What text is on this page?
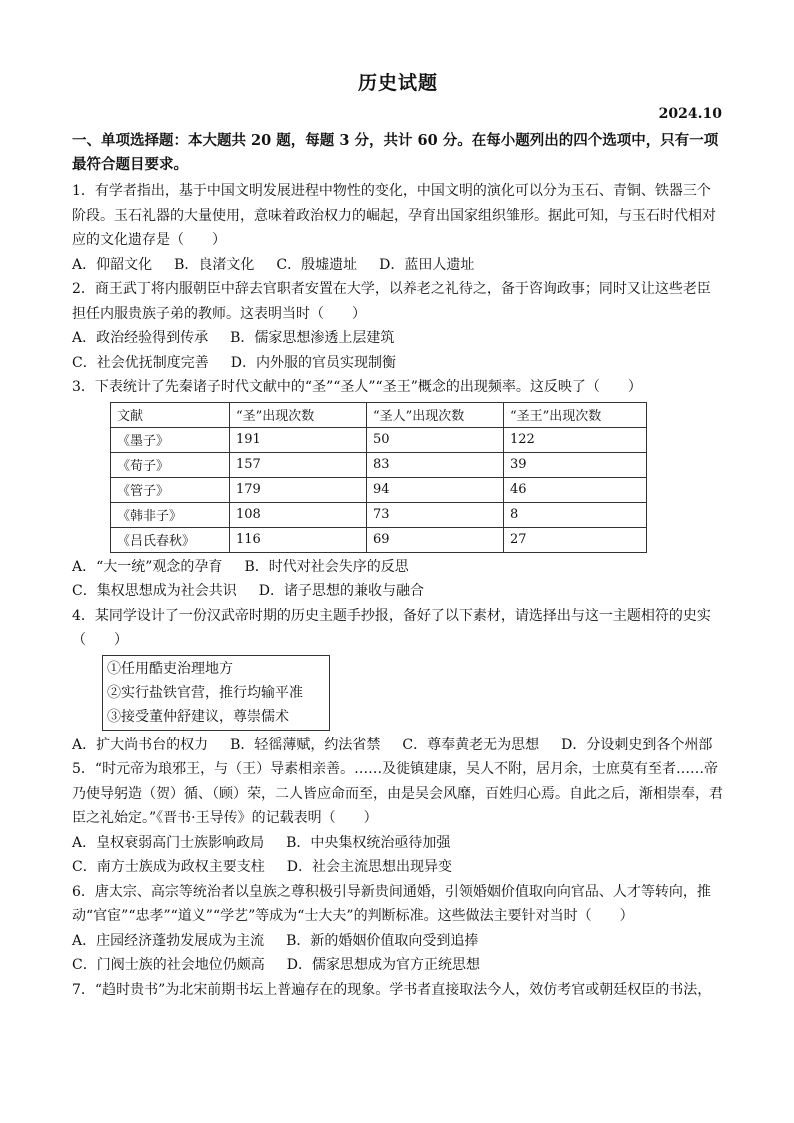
历史试题
2024.10
一、单项选择题：本大题共 20 题，每题 3 分，共计 60 分。在每小题列出的四个选项中，只有一项最符合题目要求。

1．有学者指出，基于中国文明发展进程中物性的变化，中国文明的演化可以分为玉石、青铜、铁器三个阶段。玉石礼器的大量使用，意味着政治权力的崛起，孕育出国家组织雏形。据此可知，与玉石时代相对应的文化遗存是（　　）

A．仰韶文化 B．良渚文化 C．殷墟遗址 D．蓝田人遗址

2．商王武丁将内服朝臣中辞去官职者安置在大学，以养老之礼待之，备于咨询政事；同时又让这些老臣担任内服贵族子弟的教师。这表明当时（　　）

A．政治经验得到传承 B．儒家思想渗透上层建筑
C．社会优抚制度完善 D．内外服的官员实现制衡

3．下表统计了先秦诸子时代文献中的“圣”“圣人”“圣王”概念的出现频率。这反映了（　　）

文献	“圣”出现次数	“圣人”出现次数	“圣王”出现次数
《墨子》	191	50	122
《荀子》	157	83	39
《管子》	179	94	46
《韩非子》	108	73	8
《吕氏春秋》	116	69	27
A．“大一统”观念的孕育 B．时代对社会失序的反思
C．集权思想成为社会共识 D．诸子思想的兼收与融合

4．某同学设计了一份汉武帝时期的历史主题手抄报，备好了以下素材，请选择出与这一主题相符的史实（　　）

①任用酷吏治理地方
②实行盐铁官营，推行均输平准
③接受董仲舒建议，尊崇儒术
A．扩大尚书台的权力 B．轻徭薄赋，约法省禁 C．尊奉黄老无为思想 D．分设刺史到各个州部

5．“时元帝为琅邪王，与（王）导素相亲善。……及徙镇建康，吴人不附，居月余，士庶莫有至者……帝乃使导躬造（贺）循、（顾）荣，二人皆应命而至，由是吴会风靡，百姓归心焉。自此之后，渐相崇奉，君臣之礼始定。”《晋书·王导传》的记载表明（　　）

A．皇权衰弱高门士族影响政局 B．中央集权统治亟待加强
C．南方士族成为政权主要支柱 D．社会主流思想出现异变

6．唐太宗、高宗等统治者以皇族之尊积极引导新贵间通婚，引领婚姻价值取向向官品、人才等转向，推动“官宦”“忠孝”“道义”“学艺”等成为“士大夫”的判断标准。这些做法主要针对当时（　　）

A．庄园经济蓬勃发展成为主流 B．新的婚姻价值取向受到追捧
C．门阀士族的社会地位仍颇高 D．儒家思想成为官方正统思想

7．“趋时贵书”为北宋前期书坛上普遍存在的现象。学书者直接取法今人，效仿考官或朝廷权臣的书法，
